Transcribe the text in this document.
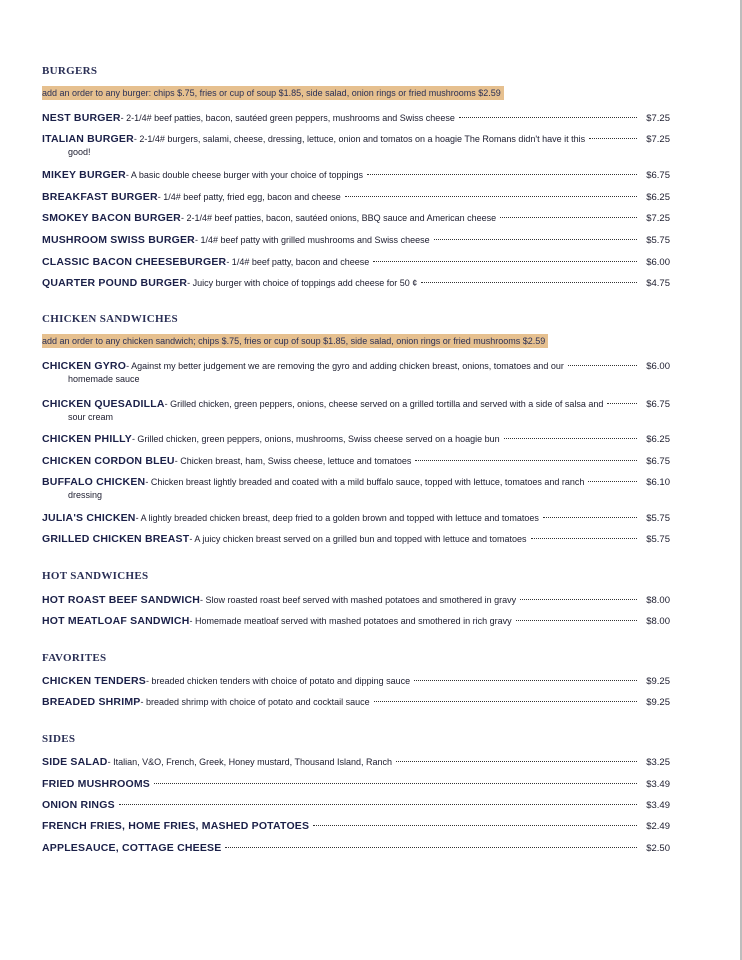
BURGERS
add an order to any burger: chips $.75, fries or cup of soup $1.85, side salad, onion rings or fried mushrooms $2.59
NEST BURGER - 2-1/4# beef patties, bacon, sautéed green peppers, mushrooms and Swiss cheese	$7.25
ITALIAN BURGER - 2-1/4# burgers, salami, cheese, dressing, lettuce, onion and tomatos on a hoagie The Romans didn't have it this	$7.25
good!
MIKEY BURGER - A basic double cheese burger with your choice of toppings	$6.75
BREAKFAST BURGER - 1/4# beef patty, fried egg, bacon and cheese	$6.25
SMOKEY BACON BURGER - 2-1/4# beef patties, bacon, sautéed onions, BBQ sauce and American cheese	$7.25
MUSHROOM SWISS BURGER - 1/4# beef patty with grilled mushrooms and Swiss cheese	$5.75
CLASSIC BACON CHEESEBURGER - 1/4# beef patty, bacon and cheese	$6.00
QUARTER POUND BURGER - Juicy burger with choice of toppings add cheese for 50 ¢	$4.75
CHICKEN SANDWICHES
add an order to any chicken sandwich; chips $.75, fries or cup of soup $1.85, side salad, onion rings or fried mushrooms $2.59
CHICKEN GYRO - Against my better judgement we are removing the gyro and adding chicken breast, onions, tomatoes and our	$6.00
homemade sauce
CHICKEN QUESADILLA - Grilled chicken, green peppers, onions, cheese served on a grilled tortilla and served with a side of salsa and	$6.75
sour cream
CHICKEN PHILLY - Grilled chicken, green peppers, onions, mushrooms, Swiss cheese served on a hoagie bun	$6.25
CHICKEN CORDON BLEU - Chicken breast, ham, Swiss cheese, lettuce and tomatoes	$6.75
BUFFALO CHICKEN - Chicken breast lightly breaded and coated with a mild buffalo sauce, topped with lettuce, tomatoes and ranch	$6.10
dressing
JULIA'S CHICKEN - A lightly breaded chicken breast, deep fried to a golden brown and topped with lettuce and tomatoes	$5.75
GRILLED CHICKEN BREAST - A juicy chicken breast served on a grilled bun and topped with lettuce and tomatoes	$5.75
HOT SANDWICHES
HOT ROAST BEEF SANDWICH - Slow roasted roast beef served with mashed potatoes and smothered in gravy	$8.00
HOT MEATLOAF SANDWICH - Homemade meatloaf served with mashed potatoes and smothered in rich gravy	$8.00
FAVORITES
CHICKEN TENDERS - breaded chicken tenders with choice of potato and dipping sauce	$9.25
BREADED SHRIMP - breaded shrimp with choice of potato and cocktail sauce	$9.25
SIDES
SIDE SALAD - Italian, V&O, French, Greek, Honey mustard, Thousand Island, Ranch	$3.25
FRIED MUSHROOMS	$3.49
ONION RINGS	$3.49
FRENCH FRIES, HOME FRIES, MASHED POTATOES	$2.49
APPLESAUCE, COTTAGE CHEESE	$2.50
